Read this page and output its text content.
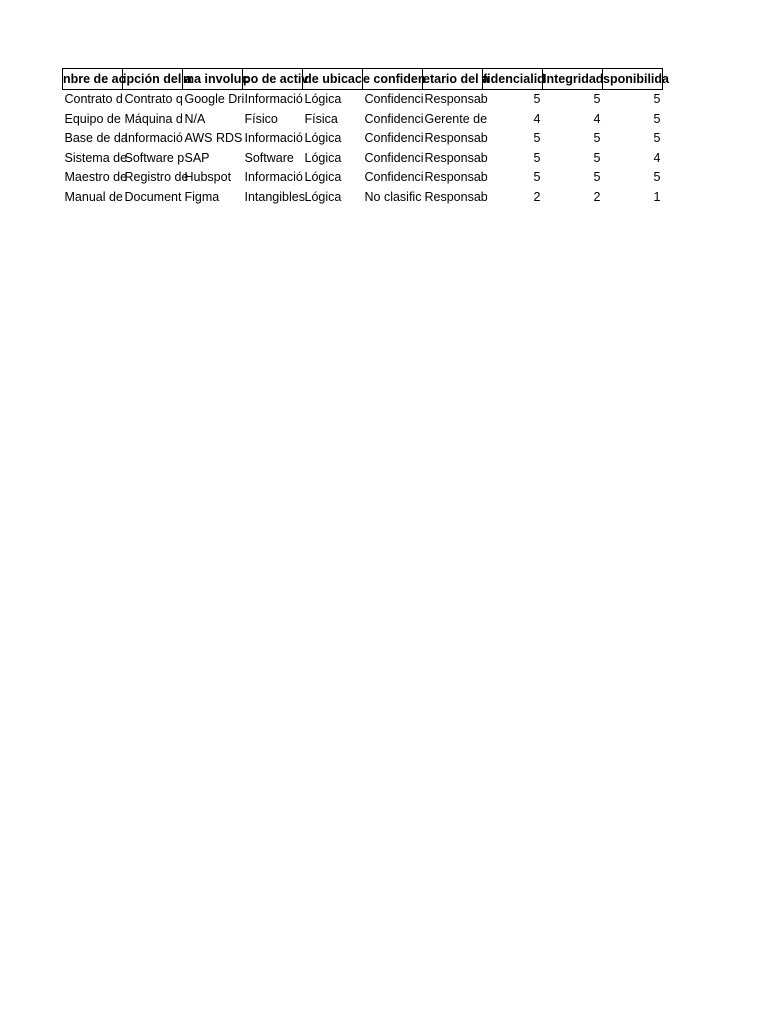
nbre de ac	ipción del a	ma involuc	po de activ	de ubicac	e confiden	etario del a	fidencialid	Integridad	sponibilida

Contrato d	Contrato q	Google Dri	Informació	Lógica	Confidenci	Responsab	5	5	5
Equipo de	Máquina d	N/A	Físico	Física	Confidenci	Gerente de	4	4	5
Base de da	Informació	AWS RDS	Informació	Lógica	Confidenci	Responsab	5	5	5
Sistema de	Software p	SAP	Software	Lógica	Confidenci	Responsab	5	5	4
Maestro de	Registro de	Hubspot	Informació	Lógica	Confidenci	Responsab	5	5	5
Manual de	Document	Figma	Intangibles	Lógica	No clasific	Responsab	2	2	1
